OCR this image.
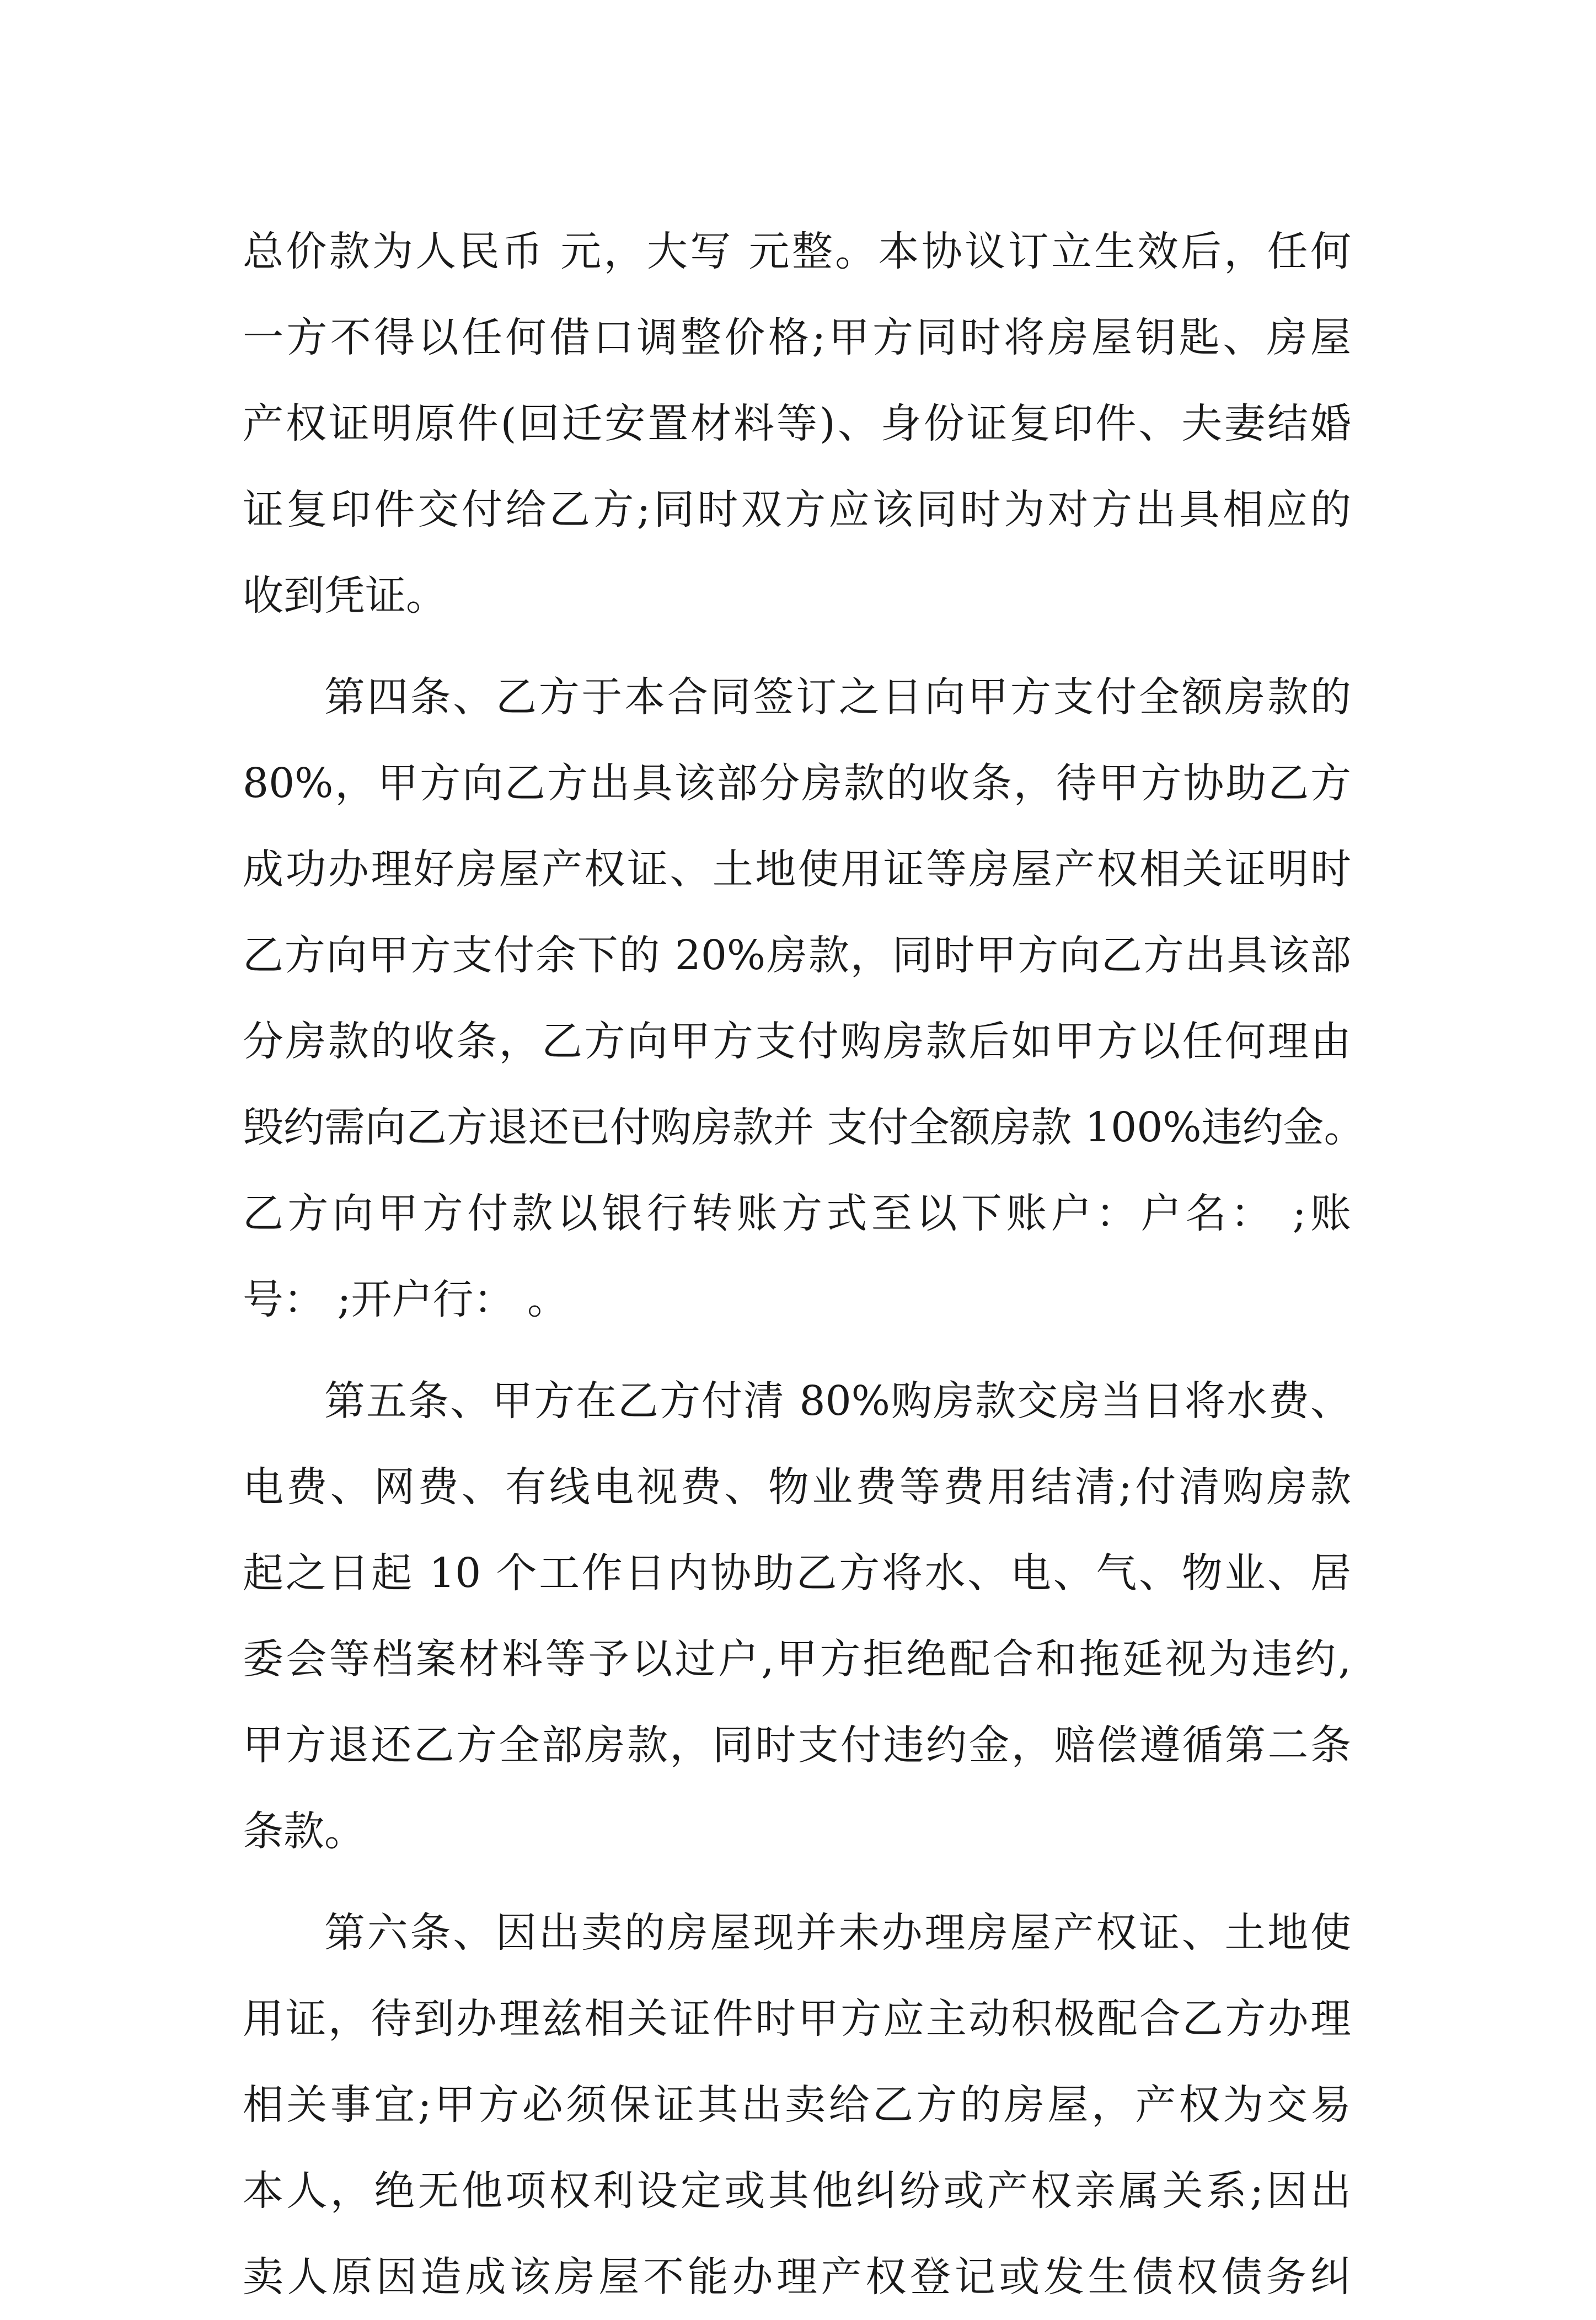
总价款为人民币 元，大写 元整。本协议订立生效后，任何
一方不得以任何借口调整价格;甲方同时将房屋钥匙、房屋
产权证明原件(回迁安置材料等)、身份证复印件、夫妻结婚
证复印件交付给乙方;同时双方应该同时为对方出具相应的
收到凭证。
第四条、乙方于本合同签订之日向甲方支付全额房款的
80%，甲方向乙方出具该部分房款的收条，待甲方协助乙方
成功办理好房屋产权证、土地使用证等房屋产权相关证明时
乙方向甲方支付余下的 20%房款，同时甲方向乙方出具该部
分房款的收条，乙方向甲方支付购房款后如甲方以任何理由
毁约需向乙方退还已付购房款并 支付全额房款 100%违约金。
乙方向甲方付款以银行转账方式至以下账户：户名： ;账
号： ;开户行： 。
第五条、甲方在乙方付清 80%购房款交房当日将水费、
电费、网费、有线电视费、物业费等费用结清;付清购房款
起之日起 10 个工作日内协助乙方将水、电、气、物业、居
委会等档案材料等予以过户,甲方拒绝配合和拖延视为违约,
甲方退还乙方全部房款，同时支付违约金，赔偿遵循第二条
条款。
第六条、因出卖的房屋现并未办理房屋产权证、土地使
用证，待到办理兹相关证件时甲方应主动积极配合乙方办理
相关事宜;甲方必须保证其出卖给乙方的房屋，产权为交易
本人，绝无他项权利设定或其他纠纷或产权亲属关系;因出
卖人原因造成该房屋不能办理产权登记或发生债权债务纠
